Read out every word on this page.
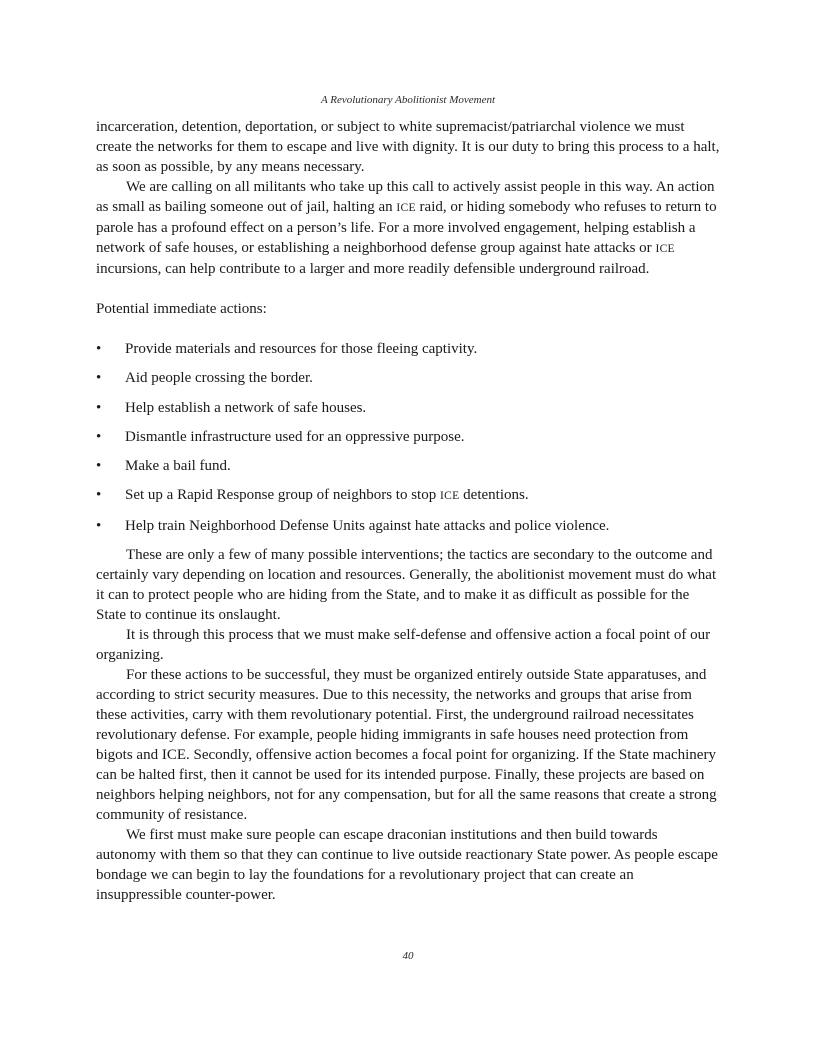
A Revolutionary Abolitionist Movement

incarceration, detention, deportation, or subject to white supremacist/patriarchal violence we must create the networks for them to escape and live with dignity. It is our duty to bring this process to a halt, as soon as possible, by any means necessary.

We are calling on all militants who take up this call to actively assist people in this way. An action as small as bailing someone out of jail, halting an ICE raid, or hiding somebody who refuses to return to parole has a profound effect on a person’s life. For a more involved engagement, helping establish a network of safe houses, or establishing a neighborhood defense group against hate attacks or ICE incursions, can help contribute to a larger and more readily defensible underground railroad.

Potential immediate actions:

• Provide materials and resources for those fleeing captivity.
• Aid people crossing the border.
• Help establish a network of safe houses.
• Dismantle infrastructure used for an oppressive purpose.
• Make a bail fund.
• Set up a Rapid Response group of neighbors to stop ICE detentions.
• Help train Neighborhood Defense Units against hate attacks and police violence.

These are only a few of many possible interventions; the tactics are secondary to the outcome and certainly vary depending on location and resources. Generally, the abolitionist movement must do what it can to protect people who are hiding from the State, and to make it as difficult as possible for the State to continue its onslaught.

It is through this process that we must make self-defense and offensive action a focal point of our organizing.

For these actions to be successful, they must be organized entirely outside State apparatuses, and according to strict security measures. Due to this necessity, the networks and groups that arise from these activities, carry with them revolutionary potential. First, the underground railroad necessitates revolutionary defense. For example, people hiding immigrants in safe houses need protection from bigots and ICE. Secondly, offensive action becomes a focal point for organizing. If the State machinery can be halted first, then it cannot be used for its intended purpose. Finally, these projects are based on neighbors helping neighbors, not for any compensation, but for all the same reasons that create a strong community of resistance.

We first must make sure people can escape draconian institutions and then build towards autonomy with them so that they can continue to live outside reactionary State power. As people escape bondage we can begin to lay the foundations for a revolutionary project that can create an insuppressible counter-power.

40
